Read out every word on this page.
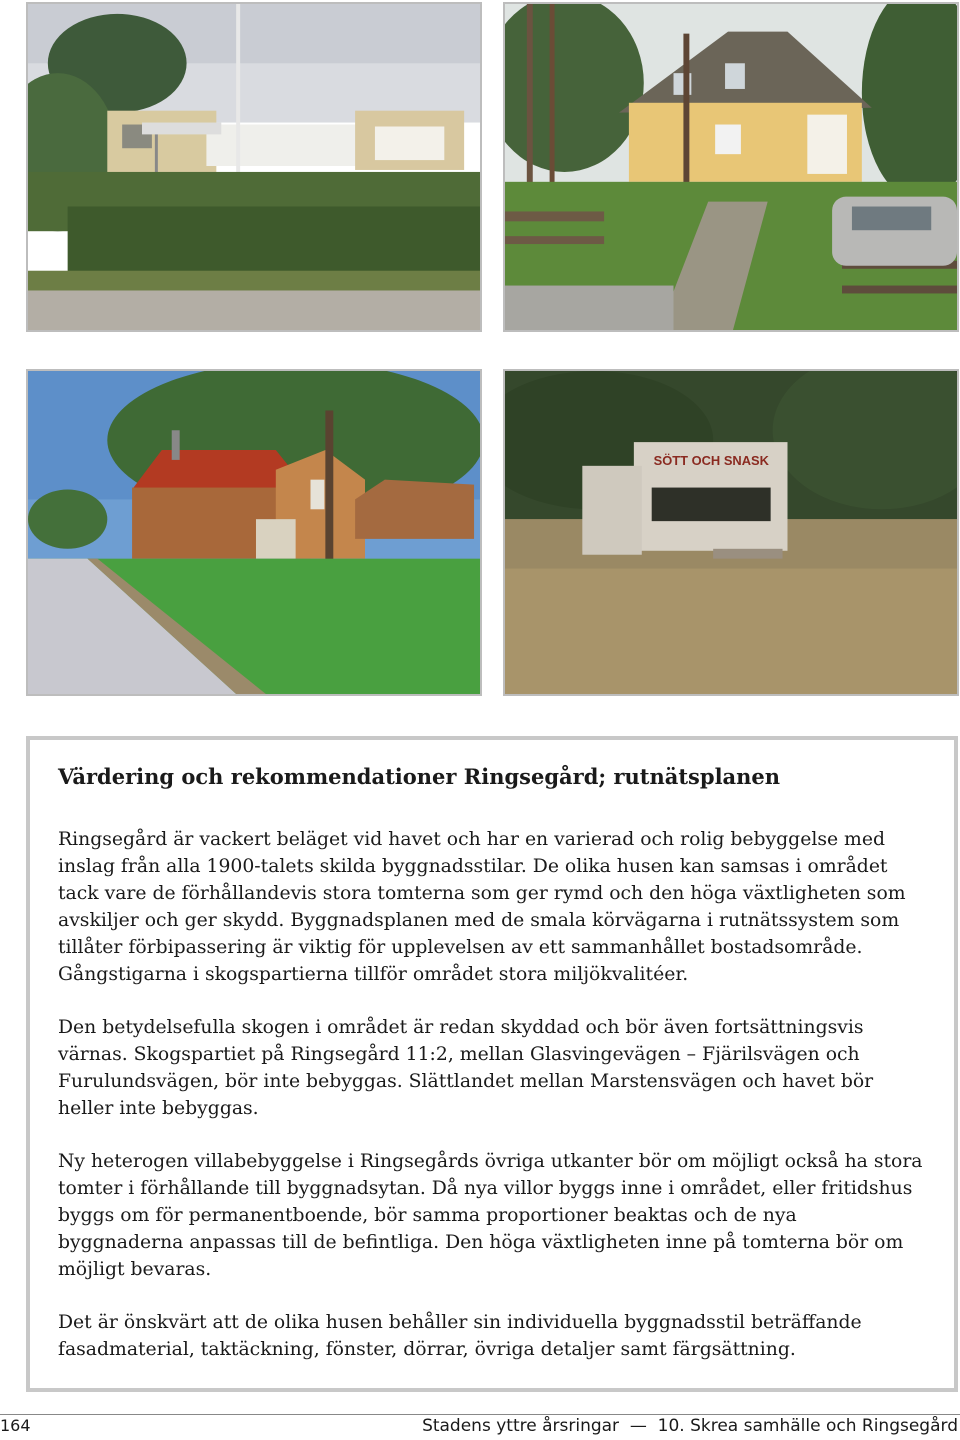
SÖTT OCH SNASK
Värdering och rekommendationer Ringsegård; rutnätsplanen

Ringsegård är vackert beläget vid havet och har en varierad och rolig bebyggelse med inslag från alla 1900-talets skilda byggnadsstilar. De olika husen kan samsas i området tack vare de förhållandevis stora tomterna som ger rymd och den höga växtligheten som avskiljer och ger skydd. Byggnadsplanen med de smala körvägarna i rutnätssystem som tillåter förbipassering är viktig för upplevelsen av ett sammanhållet bostadsområde. Gångstigarna i skogspartierna tillför området stora miljökvalitéer.

Den betydelsefulla skogen i området är redan skyddad och bör även fortsättningsvis värnas. Skogspartiet på Ringsegård 11:2, mellan Glasvingevägen – Fjärilsvägen och Furulundsvägen, bör inte bebyggas. Slättlandet mellan Marstensvägen och havet bör heller inte bebyggas.

Ny heterogen villabebyggelse i Ringsegårds övriga utkanter bör om möjligt också ha stora tomter i förhållande till byggnadsytan. Då nya villor byggs inne i området, eller fritidshus byggs om för permanentboende, bör samma proportioner beaktas och de nya byggnaderna anpassas till de befintliga. Den höga växtligheten inne på tomterna bör om möjligt bevaras.

Det är önskvärt att de olika husen behåller sin individuella byggnadsstil beträffande fasadmaterial, taktäckning, fönster, dörrar, övriga detaljer samt färgsättning.

164	Stadens yttre årsringar  —  10. Skrea samhälle och Ringsegård
